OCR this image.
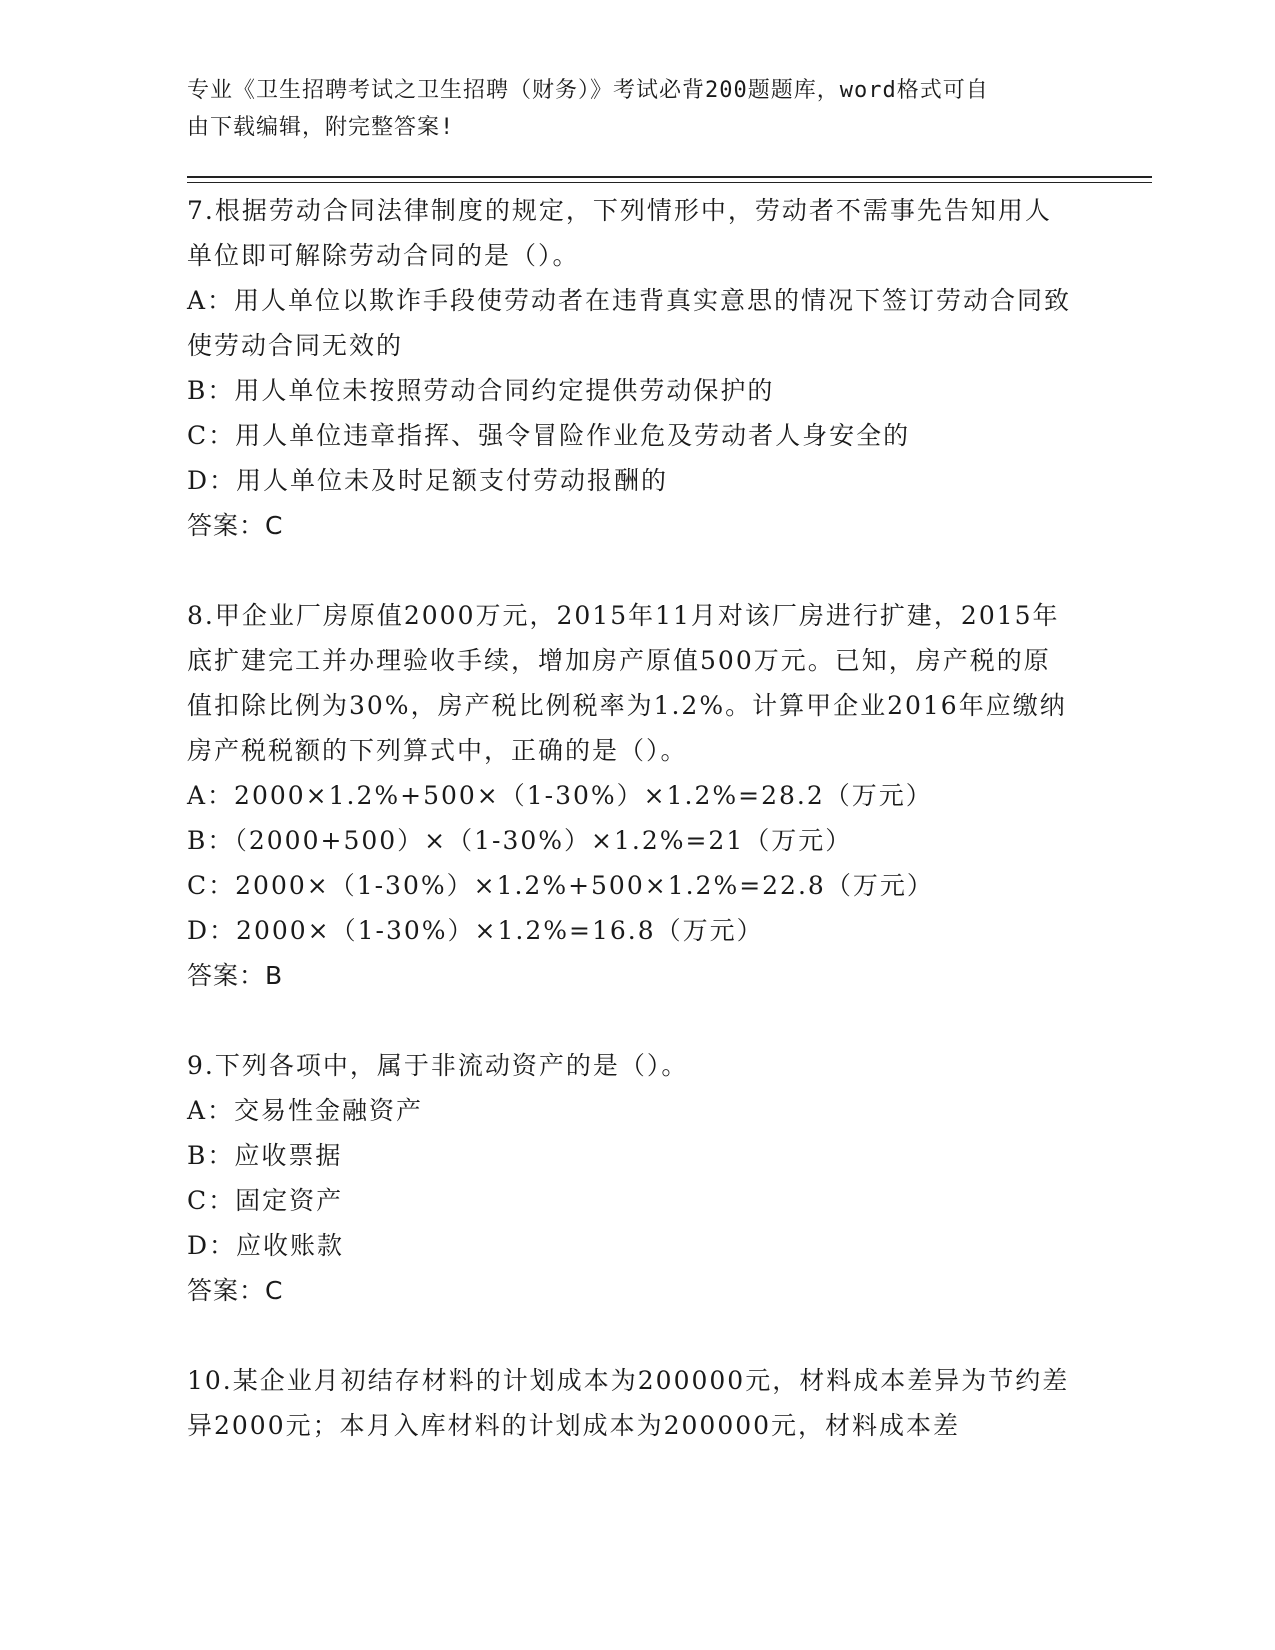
专业《卫生招聘考试之卫生招聘（财务）》考试必背200题题库，word格式可自
由下载编辑，附完整答案!

7.根据劳动合同法律制度的规定，下列情形中，劳动者不需事先告知用人单位即可解除劳动合同的是（）。

A：用人单位以欺诈手段使劳动者在违背真实意思的情况下签订劳动合同致使劳动合同无效的

B：用人单位未按照劳动合同约定提供劳动保护的

C：用人单位违章指挥、强令冒险作业危及劳动者人身安全的

D：用人单位未及时足额支付劳动报酬的

答案：C

8.甲企业厂房原值2000万元，2015年11月对该厂房进行扩建，2015年底扩建完工并办理验收手续，增加房产原值500万元。已知，房产税的原值扣除比例为30%，房产税比例税率为1.2%。计算甲企业2016年应缴纳房产税税额的下列算式中，正确的是（）。

A：2000×1.2%+500×（1-30%）×1.2%=28.2（万元）

B：（2000+500）×（1-30%）×1.2%=21（万元）

C：2000×（1-30%）×1.2%+500×1.2%=22.8（万元）

D：2000×（1-30%）×1.2%=16.8（万元）

答案：B

9.下列各项中，属于非流动资产的是（）。

A：交易性金融资产

B：应收票据

C：固定资产

D：应收账款

答案：C

10.某企业月初结存材料的计划成本为200000元，材料成本差异为节约差异2000元；本月入库材料的计划成本为200000元，材料成本差
